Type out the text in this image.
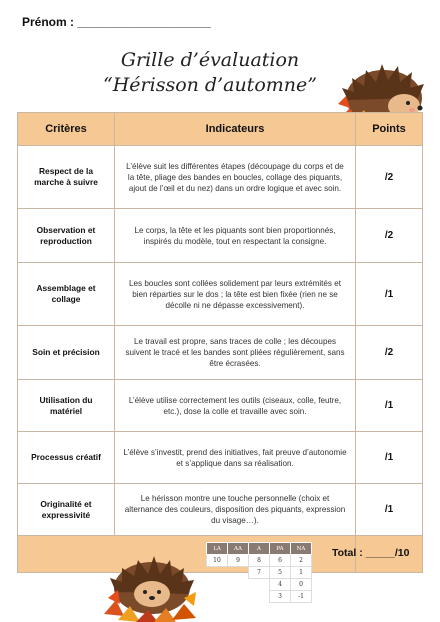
Prénom : ____________________
Grille d’évaluation
“Hérisson d’automne”
Critères	Indicateurs	Points
Respect de la marche à suivre	L’élève suit les différentes étapes (découpage du corps et de la tête, pliage des bandes en boucles, collage des piquants, ajout de l’œil et du nez) dans un ordre logique et avec soin.	/2
Observation et reproduction	Le corps, la tête et les piquants sont bien proportionnés, inspirés du modèle, tout en respectant la consigne.	/2
Assemblage et collage	Les boucles sont collées solidement par leurs extrémités et bien réparties sur le dos ; la tête est bien fixée (rien ne se décolle ni ne dépasse excessivement).	/1
Soin et précision	Le travail est propre, sans traces de colle ; les découpes suivent le tracé et les bandes sont pliées régulièrement, sans être écrasées.	/2
Utilisation du matériel	L’élève utilise correctement les outils (ciseaux, colle, feutre, etc.), dose la colle et travaille avec soin.	/1
Processus créatif	L’élève s’investit, prend des initiatives, fait preuve d’autonomie et s’applique dans sa réalisation.	/1
Originalité et expressivité	Le hérisson montre une touche personnelle (choix et alternance des couleurs, disposition des piquants, expression du visage…).	/1

Total : _____/10
LA	AA	A	PA	NA
10	9	8	6	2
		7	5	1
			4	0
			3	-1
